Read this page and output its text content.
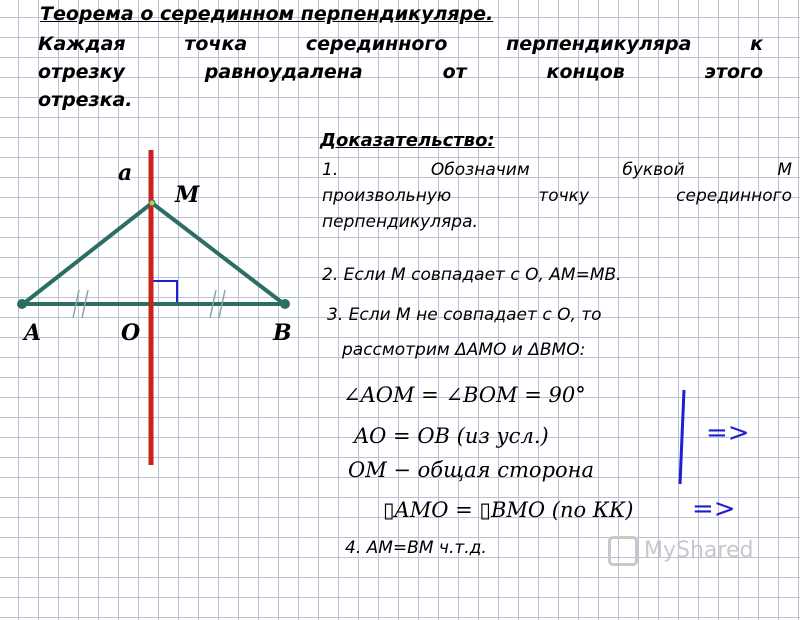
Теорема о серединном перпендикуляре.
Каждая точка серединного перпендикуляра к
отрезку равноудалена от концов этого
отрезка.
a
M
A	O	B
Доказательство:
1. Обозначим буквой М
произвольную точку серединного
перпендикуляра.
2. Если М совпадает с О, АМ=МВ.
3. Если М не совпадает с О, то
рассмотрим ΔАМО и ΔВМО:
∠AOM = ∠BOM = 90°
AO = OB (из усл.)
OM − общая сторона
▯AMO = ▯BMO (по КК)
=>
=>
4. АМ=ВМ ч.т.д.	MyShared
